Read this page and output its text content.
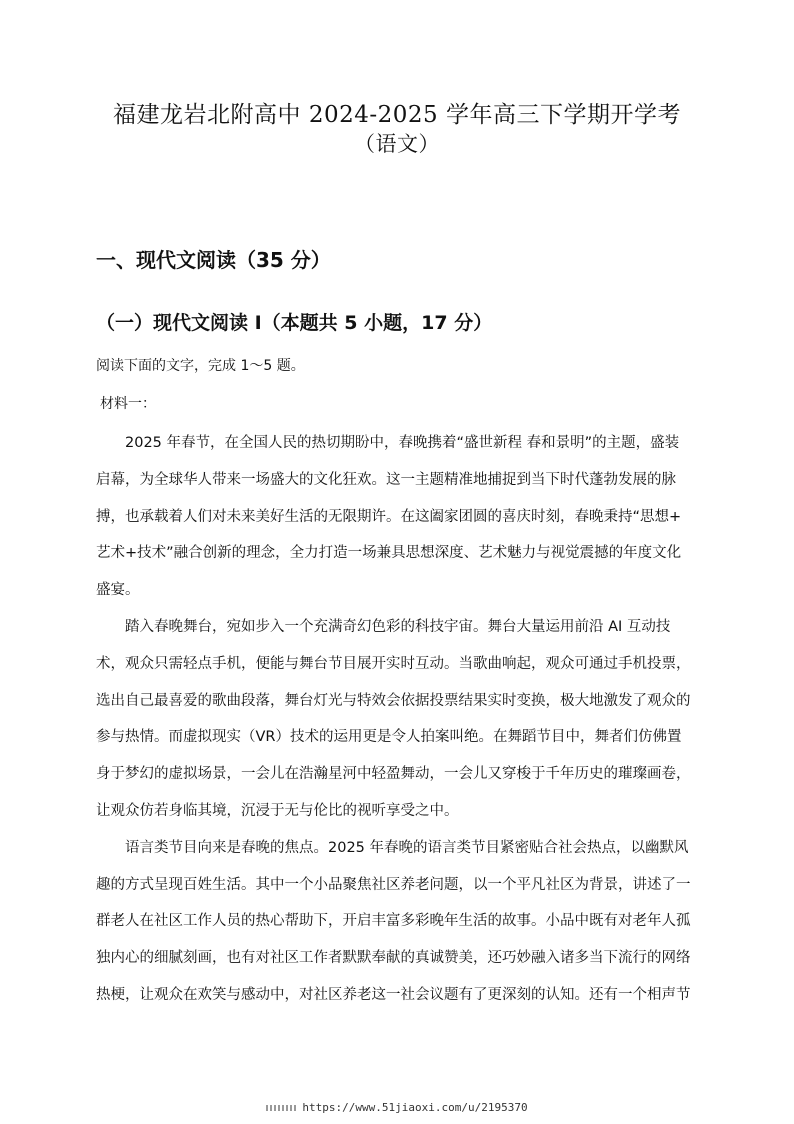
福建龙岩北附高中 2024-2025 学年高三下学期开学考
（语文）
一、现代文阅读（35 分）
（一）现代文阅读 I（本题共 5 小题，17 分）
阅读下面的文字，完成 1～5 题。
材料一：
2025 年春节，在全国人民的热切期盼中，春晚携着“盛世新程 春和景明”的主题，盛装
启幕，为全球华人带来一场盛大的文化狂欢。这一主题精准地捕捉到当下时代蓬勃发展的脉
搏，也承载着人们对未来美好生活的无限期许。在这阖家团圆的喜庆时刻，春晚秉持“思想+
艺术+技术”融合创新的理念，全力打造一场兼具思想深度、艺术魅力与视觉震撼的年度文化
盛宴。
踏入春晚舞台，宛如步入一个充满奇幻色彩的科技宇宙。舞台大量运用前沿 AI 互动技
术，观众只需轻点手机，便能与舞台节目展开实时互动。当歌曲响起，观众可通过手机投票，
选出自己最喜爱的歌曲段落，舞台灯光与特效会依据投票结果实时变换，极大地激发了观众的
参与热情。而虚拟现实（VR）技术的运用更是令人拍案叫绝。在舞蹈节目中，舞者们仿佛置
身于梦幻的虚拟场景，一会儿在浩瀚星河中轻盈舞动，一会儿又穿梭于千年历史的璀璨画卷，
让观众仿若身临其境，沉浸于无与伦比的视听享受之中。
语言类节目向来是春晚的焦点。2025 年春晚的语言类节目紧密贴合社会热点，以幽默风
趣的方式呈现百姓生活。其中一个小品聚焦社区养老问题，以一个平凡社区为背景，讲述了一
群老人在社区工作人员的热心帮助下，开启丰富多彩晚年生活的故事。小品中既有对老年人孤
独内心的细腻刻画，也有对社区工作者默默奉献的真诚赞美，还巧妙融入诸多当下流行的网络
热梗，让观众在欢笑与感动中，对社区养老这一社会议题有了更深刻的认知。还有一个相声节
https://www.51jiaoxi.com/u/2195370
